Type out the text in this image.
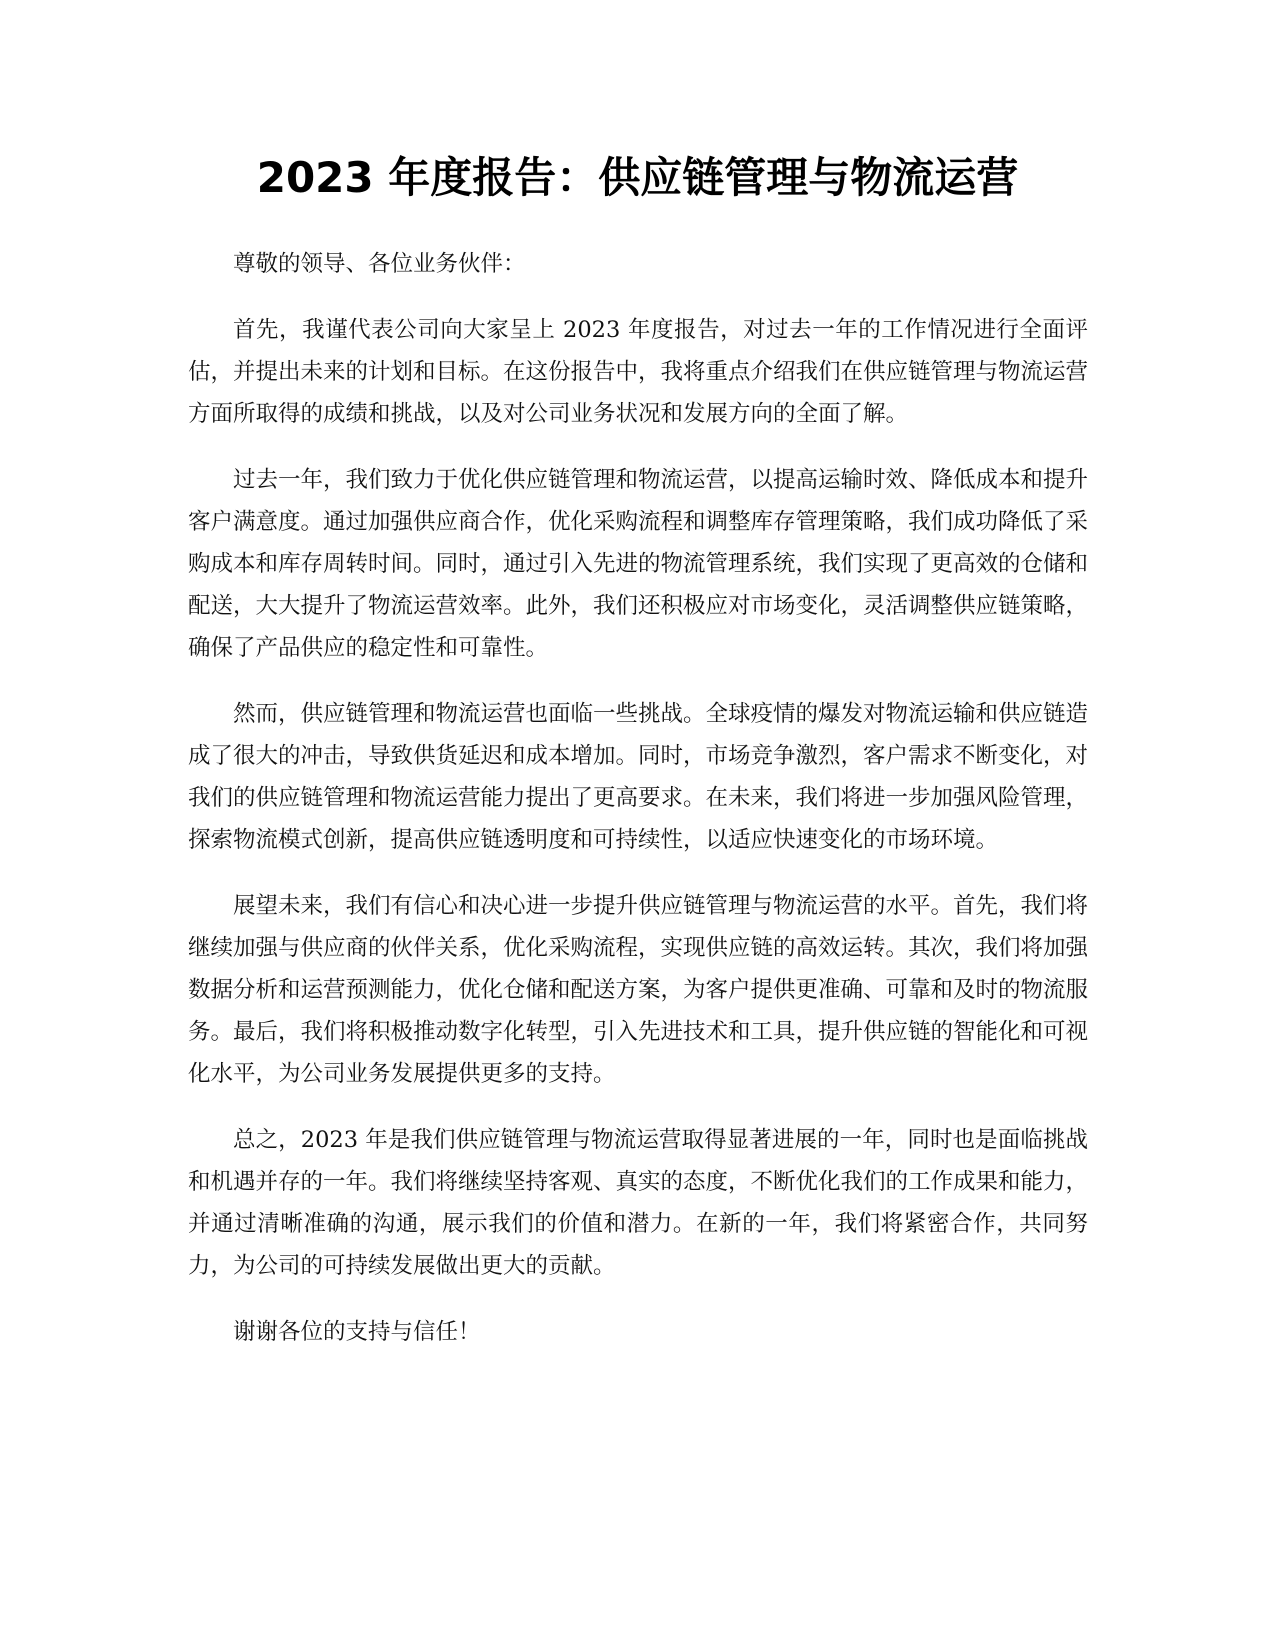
2023 年度报告：供应链管理与物流运营

尊敬的领导、各位业务伙伴：

首先，我谨代表公司向大家呈上 2023 年度报告，对过去一年的工作情况进行全面评估，并提出未来的计划和目标。在这份报告中，我将重点介绍我们在供应链管理与物流运营方面所取得的成绩和挑战，以及对公司业务状况和发展方向的全面了解。

过去一年，我们致力于优化供应链管理和物流运营，以提高运输时效、降低成本和提升客户满意度。通过加强供应商合作，优化采购流程和调整库存管理策略，我们成功降低了采购成本和库存周转时间。同时，通过引入先进的物流管理系统，我们实现了更高效的仓储和配送，大大提升了物流运营效率。此外，我们还积极应对市场变化，灵活调整供应链策略，确保了产品供应的稳定性和可靠性。

然而，供应链管理和物流运营也面临一些挑战。全球疫情的爆发对物流运输和供应链造成了很大的冲击，导致供货延迟和成本增加。同时，市场竞争激烈，客户需求不断变化，对我们的供应链管理和物流运营能力提出了更高要求。在未来，我们将进一步加强风险管理，探索物流模式创新，提高供应链透明度和可持续性，以适应快速变化的市场环境。

展望未来，我们有信心和决心进一步提升供应链管理与物流运营的水平。首先，我们将继续加强与供应商的伙伴关系，优化采购流程，实现供应链的高效运转。其次，我们将加强数据分析和运营预测能力，优化仓储和配送方案，为客户提供更准确、可靠和及时的物流服务。最后，我们将积极推动数字化转型，引入先进技术和工具，提升供应链的智能化和可视化水平，为公司业务发展提供更多的支持。

总之，2023 年是我们供应链管理与物流运营取得显著进展的一年，同时也是面临挑战和机遇并存的一年。我们将继续坚持客观、真实的态度，不断优化我们的工作成果和能力，并通过清晰准确的沟通，展示我们的价值和潜力。在新的一年，我们将紧密合作，共同努力，为公司的可持续发展做出更大的贡献。

谢谢各位的支持与信任！
